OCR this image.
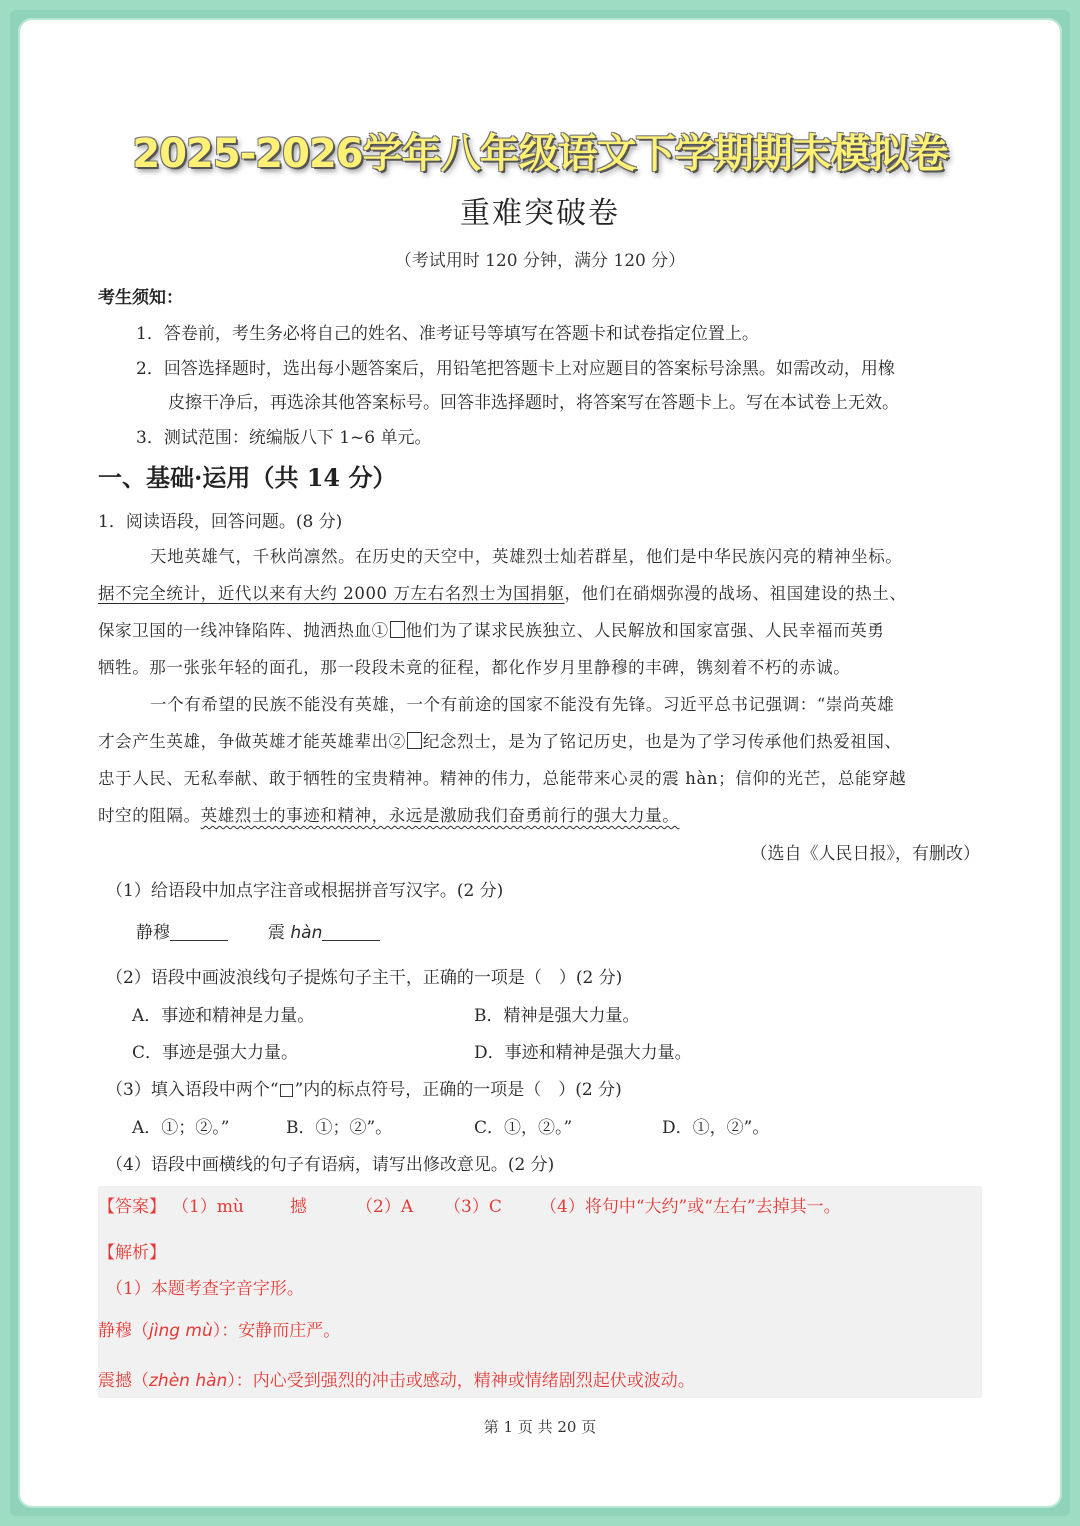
2025-2026学年八年级语文下学期期末模拟卷
重难突破卷
（考试用时 120 分钟，满分 120 分）
考生须知：
1．答卷前，考生务必将自己的姓名、准考证号等填写在答题卡和试卷指定位置上。
2．回答选择题时，选出每小题答案后，用铅笔把答题卡上对应题目的答案标号涂黑。如需改动，用橡
皮擦干净后，再选涂其他答案标号。回答非选择题时，将答案写在答题卡上。写在本试卷上无效。
3．测试范围：统编版八下 1~6 单元。
一、基础·运用（共 14 分）
1．阅读语段，回答问题。(8 分)
天地英雄气，千秋尚凛然。在历史的天空中，英雄烈士灿若群星，他们是中华民族闪亮的精神坐标。
据不完全统计，近代以来有大约 2000 万左右名烈士为国捐躯，他们在硝烟弥漫的战场、祖国建设的热土、
保家卫国的一线冲锋陷阵、抛洒热血① 他们为了谋求民族独立、人民解放和国家富强、人民幸福而英勇
牺牲。那一张张年轻的面孔，那一段段未竟的征程，都化作岁月里静穆的丰碑，镌刻着不朽的赤诚。
一个有希望的民族不能没有英雄，一个有前途的国家不能没有先锋。习近平总书记强调：“崇尚英雄
才会产生英雄，争做英雄才能英雄辈出② 纪念烈士，是为了铭记历史，也是为了学习传承他们热爱祖国、
忠于人民、无私奉献、敢于牺牲的宝贵精神。精神的伟力，总能带来心灵的震 hàn；信仰的光芒，总能穿越
时空的阻隔。英雄烈士的事迹和精神，永远是激励我们奋勇前行的强大力量。
（选自《人民日报》，有删改）
（1）给语段中加点字注音或根据拼音写汉字。(2 分)
静穆	震 hàn
（2）语段中画波浪线句子提炼句子主干，正确的一项是（　）(2 分)
A．事迹和精神是力量。	B．精神是强大力量。
C．事迹是强大力量。	D．事迹和精神是强大力量。
（3）填入语段中两个“□”内的标点符号，正确的一项是（　）(2 分)
A．①；②。”	B．①；②”。	C．①，②。”	D．①，②”。
（4）语段中画横线的句子有语病，请写出修改意见。(2 分)
【答案】 （1）mù	撼	（2）A （3）C （4）将句中“大约”或“左右”去掉其一。
【解析】
（1）本题考查字音字形。
静穆（jìng mù）：安静而庄严。
震撼（zhèn hàn）：内心受到强烈的冲击或感动，精神或情绪剧烈起伏或波动。
第 1 页 共 20 页
